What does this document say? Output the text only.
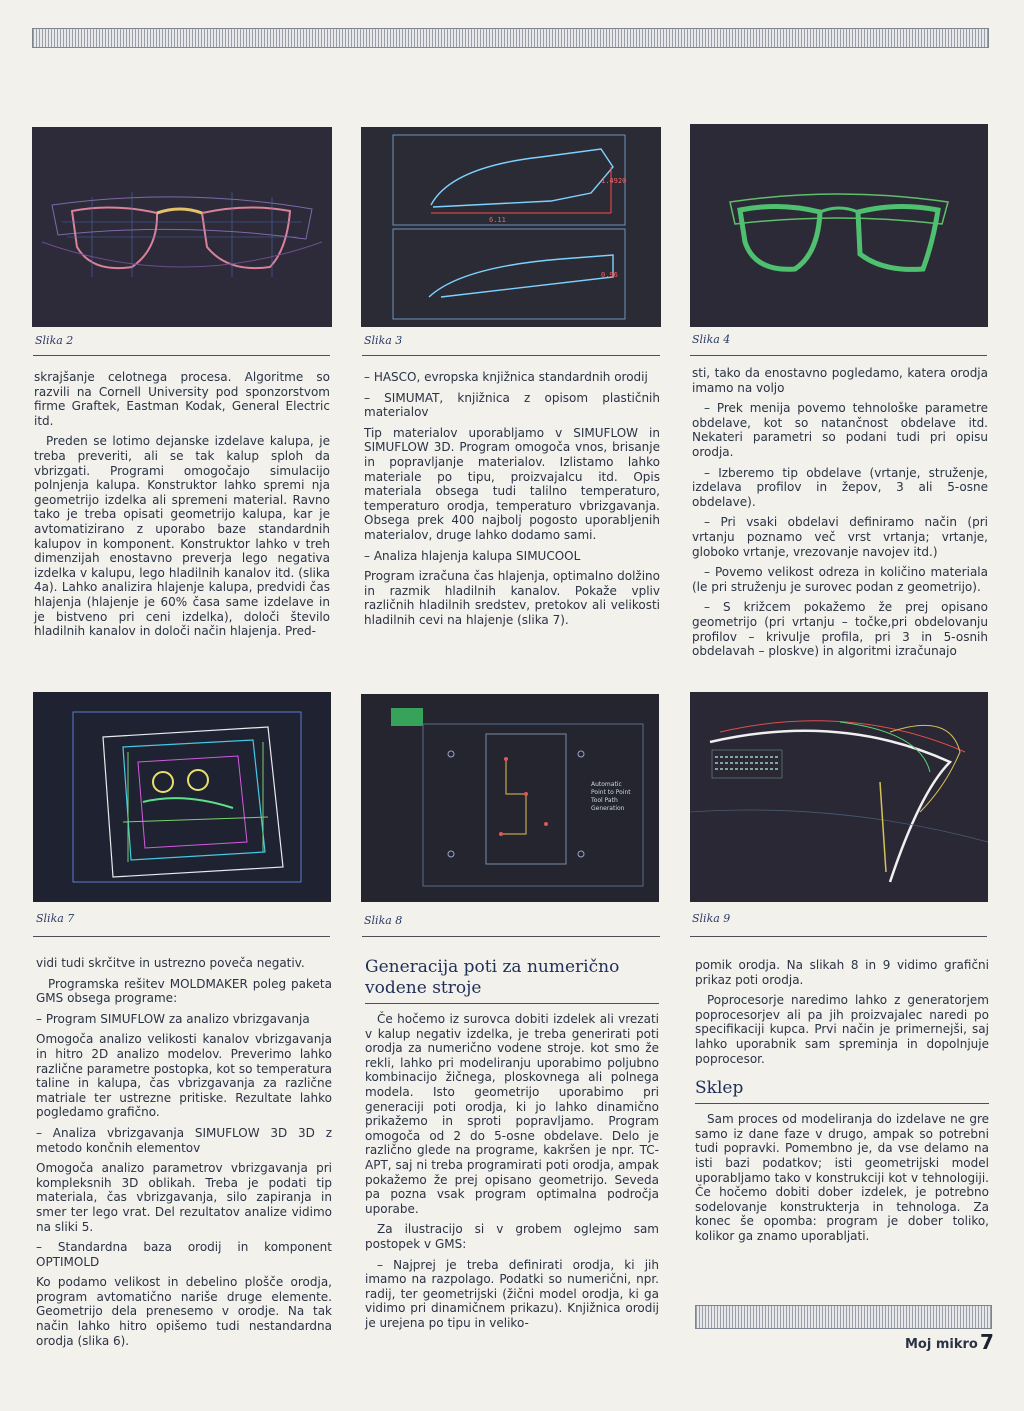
Slika 2
6.11
1.4920
0.96
Slika 3	Slika 4

skrajšanje celotnega procesa. Algoritme so razvili na Cornell University pod sponzorstvom firme Graftek, Eastman Kodak, General Electric itd.

Preden se lotimo dejanske izdelave kalupa, je treba preveriti, ali se tak kalup sploh da vbrizgati. Programi omogočajo simulacijo polnjenja kalupa. Konstruktor lahko spremi nja geometrijo izdelka ali spremeni material. Ravno tako je treba opisati geometrijo kalupa, kar je avtomatizirano z uporabo baze standardnih kalupov in komponent. Konstruktor lahko v treh dimenzijah enostavno preverja lego negativa izdelka v kalupu, lego hladilnih kanalov itd. (slika 4a). Lahko analizira hlajenje kalupa, predvidi čas hlajenja (hlajenje je 60% časa same izdelave in je bistveno pri ceni izdelka), določi število hladilnih kanalov in določi način hlajenja. Pred-

– HASCO, evropska knjižnica standardnih orodij

– SIMUMAT, knjižnica z opisom plastičnih materialov

Tip materialov uporabljamo v SIMUFLOW in SIMUFLOW 3D. Program omogoča vnos, brisanje in popravljanje materialov. Izlistamo lahko materiale po tipu, proizvajalcu itd. Opis materiala obsega tudi talilno temperaturo, temperaturo orodja, temperaturo vbrizgavanja. Obsega prek 400 najbolj pogosto uporabljenih materialov, druge lahko dodamo sami.

– Analiza hlajenja kalupa SIMUCOOL

Program izračuna čas hlajenja, optimalno dolžino in razmik hladilnih kanalov. Pokaže vpliv različnih hladilnih sredstev, pretokov ali velikosti hladilnih cevi na hlajenje (slika 7).

sti, tako da enostavno pogledamo, katera orodja imamo na voljo

– Prek menija povemo tehnološke parametre obdelave, kot so natančnost obdelave itd. Nekateri parametri so podani tudi pri opisu orodja.

– Izberemo tip obdelave (vrtanje, struženje, izdelava profilov in žepov, 3 ali 5-osne obdelave).

– Pri vsaki obdelavi definiramo način (pri vrtanju poznamo več vrst vrtanja; vrtanje, globoko vrtanje, vrezovanje navojev itd.)

– Povemo velikost odreza in količino materiala (le pri struženju je surovec podan z geometrijo).

– S križcem pokažemo že prej opisano geometrijo (pri vrtanju – točke,pri obdelovanju profilov – krivulje profila, pri 3 in 5-osnih obdelavah – ploskve) in algoritmi izračunajo

Slika 7
Automatic
Point to Point
Tool Path
Generation
Slika 8	Slika 9

vidi tudi skrčitve in ustrezno poveča negativ.

Programska rešitev MOLDMAKER poleg paketa GMS obsega programe:

– Program SIMUFLOW za analizo vbrizgavanja

Omogoča analizo velikosti kanalov vbrizgavanja in hitro 2D analizo modelov. Preverimo lahko različne parametre postopka, kot so temperatura taline in kalupa, čas vbrizgavanja za različne matriale ter ustrezne pritiske. Rezultate lahko pogledamo grafično.

– Analiza vbrizgavanja SIMUFLOW 3D 3D z metodo končnih elementov

Omogoča analizo parametrov vbrizgavanja pri kompleksnih 3D oblikah. Treba je podati tip materiala, čas vbrizgavanja, silo zapiranja in smer ter lego vrat. Del rezultatov analize vidimo na sliki 5.

– Standardna baza orodij in komponent OPTIMOLD

Ko podamo velikost in debelino plošče orodja, program avtomatično nariše druge elemente. Geometrijo dela prenesemo v orodje. Na tak način lahko hitro opišemo tudi nestandardna orodja (slika 6).

Generacija poti za numerično vodene stroje

Če hočemo iz surovca dobiti izdelek ali vrezati v kalup negativ izdelka, je treba generirati poti orodja za numerično vodene stroje. kot smo že rekli, lahko pri modeliranju uporabimo poljubno kombinacijo žičnega, ploskovnega ali polnega modela. Isto geometrijo uporabimo pri generaciji poti orodja, ki jo lahko dinamično prikažemo in sproti popravljamo. Program omogoča od 2 do 5-osne obdelave. Delo je različno glede na programe, kakršen je npr. TC-APT, saj ni treba programirati poti orodja, ampak pokažemo že prej opisano geometrijo. Seveda pa pozna vsak program optimalna področja uporabe.

Za ilustracijo si v grobem oglejmo sam postopek v GMS:

– Najprej je treba definirati orodja, ki jih imamo na razpolago. Podatki so numerični, npr. radij, ter geometrijski (žični model orodja, ki ga vidimo pri dinamičnem prikazu). Knjižnica orodij je urejena po tipu in veliko-

pomik orodja. Na slikah 8 in 9 vidimo grafični prikaz poti orodja.

Poprocesorje naredimo lahko z generatorjem poprocesorjev ali pa jih proizvajalec naredi po specifikaciji kupca. Prvi način je primernejši, saj lahko uporabnik sam spreminja in dopolnjuje poprocesor.

Sklep

Sam proces od modeliranja do izdelave ne gre samo iz dane faze v drugo, ampak so potrebni tudi popravki. Pomembno je, da vse delamo na isti bazi podatkov; isti geometrijski model uporabljamo tako v konstrukciji kot v tehnologiji. Če hočemo dobiti dober izdelek, je potrebno sodelovanje konstrukterja in tehnologa. Za konec še opomba: program je dober toliko, kolikor ga znamo uporabljati.

Moj mikro 7
